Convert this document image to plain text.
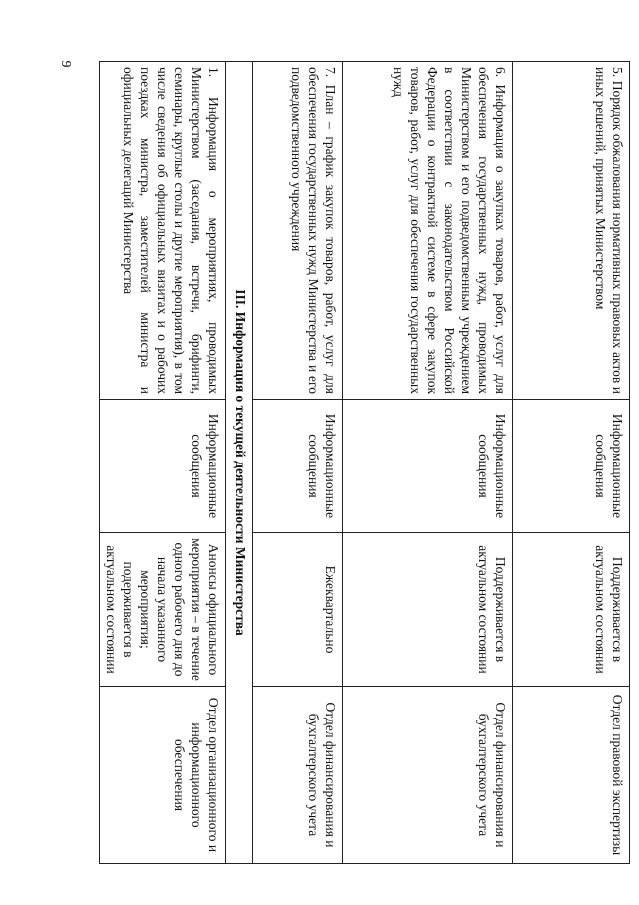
9
5. Порядок обжалования нормативных правовых актов и иных решений, принятых Министерством	Информационные сообщения	Поддерживается в актуальном состоянии	Отдел правовой экспертизы
6. Информация о закупках товаров, работ, услуг для обеспечения государственных нужд, проводимых Министерством и его подведомственным учреждением в соответствии с законодательством Российской Федерации о контрактной системе в сфере закупок товаров, работ, услуг для обеспечения государственных нужд	Информационные сообщения	Поддерживается в актуальном состоянии	Отдел финансирования и бухгалтерского учета
7. План – график закупок товаров, работ, услуг для обеспечения государственных нужд Министерства и его подведомственного учреждения	Информационные сообщения	Ежеквартально	Отдел финансирования и бухгалтерского учета
III. Информация о текущей деятельности Министерства			
1. Информация о мероприятиях, проводимых Министерством (заседания, встречи, брифинги, семинары, круглые столы и другие мероприятия), в том числе сведения об официальных визитах и о рабочих поездках министра, заместителей министра и официальных делегаций Министерства	Информационные сообщения	Анонсы официального мероприятия – в течение одного рабочего дня до начала указанного мероприятия; подерживается в актуальном состоянии	Отдел организационного и информационного обеспечения
